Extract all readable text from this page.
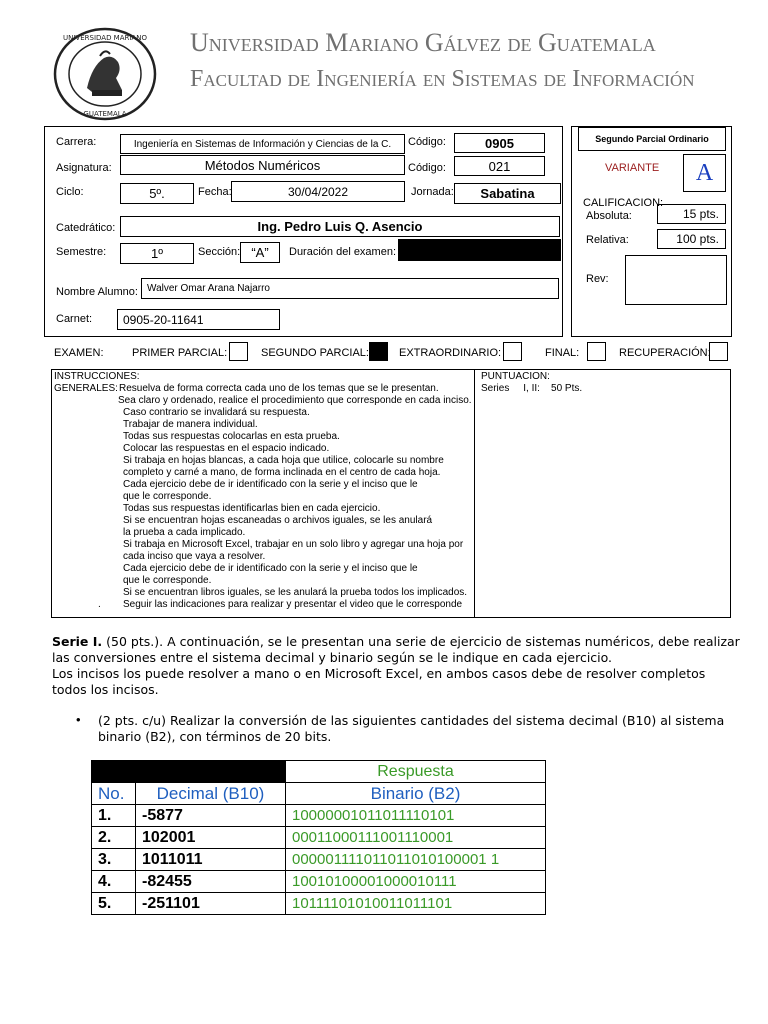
UNIVERSIDAD MARIANO
GUATEMALA
Universidad Mariano Gálvez de Guatemala
Facultad de Ingeniería en Sistemas de Información
Carrera:	Ingeniería en Sistemas de Información y Ciencias de la C.	Código:	0905
Asignatura:	Métodos Numéricos	Código:	021
Ciclo:	5º.	Fecha:	30/04/2022	Jornada:	Sabatina
Catedrático:	Ing. Pedro Luis Q. Asencio
Semestre:	1º	Sección: “A”	Duración del examen:
Nombre Alumno: Walver Omar Arana Najarro
Carnet:	0905-20-11641
Segundo Parcial Ordinario
VARIANTE	A
CALIFICACION:
Absoluta:	15 pts.
Relativa:	100 pts.
Rev:
EXAMEN:	PRIMER PARCIAL:	SEGUNDO PARCIAL:	EXTRAORDINARIO:	FINAL:	RECUPERACIÓN:
INSTRUCCIONES:
GENERALES: Resuelva de forma correcta cada uno de los temas que se le presentan.
Sea claro y ordenado, realice el procedimiento que corresponde en cada inciso.
Caso contrario se invalidará su respuesta.
Trabajar de manera individual.
Todas sus respuestas colocarlas en esta prueba.
Colocar las respuestas en el espacio indicado.
Si trabaja en hojas blancas, a cada hoja que utilice, colocarle su nombre
completo y carné a mano, de forma inclinada en el centro de cada hoja.
Cada ejercicio debe de ir identificado con la serie y el inciso que le
que le corresponde.
Todas sus respuestas identificarlas bien en cada ejercicio.
Si se encuentran hojas escaneadas o archivos iguales, se les anulará
la prueba a cada implicado.
Si trabaja en Microsoft Excel, trabajar en un solo libro y agregar una hoja por
cada inciso que vaya a resolver.
Cada ejercicio debe de ir identificado con la serie y el inciso que le
que le corresponde.
Si se encuentran libros iguales, se les anulará la prueba todos los implicados.
. Seguir las indicaciones para realizar y presentar el video que le corresponde
PUNTUACION:
Series     I, II:    50 Pts.
Serie I. (50 pts.). A continuación, se le presentan una serie de ejercicio de sistemas numéricos, debe realizar las conversiones entre el sistema decimal y binario según se le indique en cada ejercicio.
Los incisos los puede resolver a mano o en Microsoft Excel, en ambos casos debe de resolver completos todos los incisos.
• (2 pts. c/u) Realizar la conversión de las siguientes cantidades del sistema decimal (B10) al sistema binario (B2), con términos de 20 bits.
		Respuesta
No.	Decimal (B10)	Binario (B2)
1.	-5877	10000001011011110101
2.	102001	00011000111001110001
3.	1011011	000001111011011010100001 1
4.	-82455	10010100001000010111
5.	-251101	10111101010011011101
